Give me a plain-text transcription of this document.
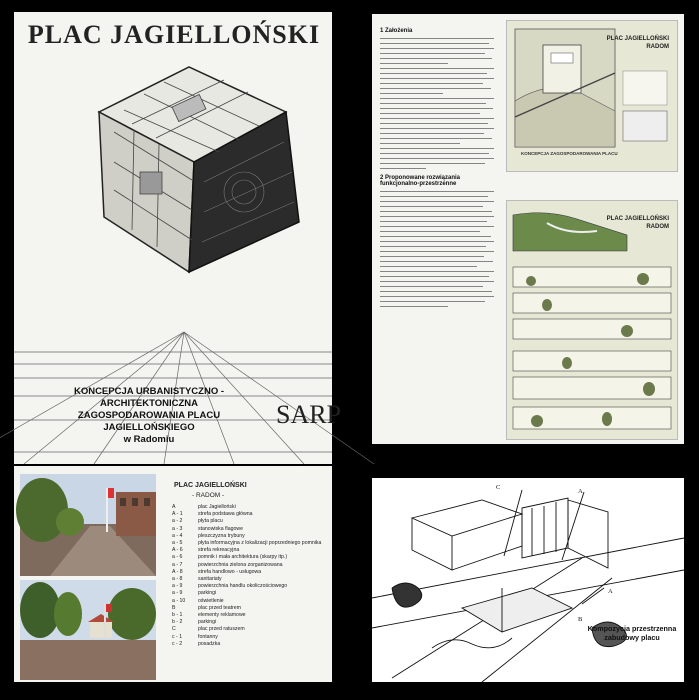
PLAC JAGIELLOŃSKI
KONCEPCJA URBANISTYCZNO - ARCHITEKTONICZNA
ZAGOSPODAROWANIA PLACU JAGIELLOŃSKIEGO
w Radomiu
SARP
PLAC JAGIELLOŃSKI
- RADOM -
A	plac Jagielloński
A - 1	strefa podstawa główna
a - 2	płyta placu
a - 3	stanowiska flagowe
a - 4	pleszczyzna trybuny
a - 5	płyta informacyjna z lokalizacji poprzedniego pomnika
A - 6	strefa rekreacyjna
a - 6	pomnik i mała architektura (skarpy itp.)
a - 7	powierzchnia zielona zorganizowana
A - 8	strefa handlowo - usługowa
a - 8	sanitariaty
a - 9	powierzchnia handlu okoliczościowego
a - 9	parkingi
a - 10	oświetlenie
B	plac przed teatrem
b - 1	elementy reklamowe
b - 2	parkingi
C	plac przed ratuszem
c - 1	fontanny
c - 2	posadzka
1 Założenia
2 Proponowane rozwiązania funkcjonalno-przestrzenne
PLAC JAGIELLOŃSKI
RADOM
KONCEPCJA ZAGOSPODAROWANIA PLACU
PLAC JAGIELLOŃSKI
RADOM
C
A
A
B
Kompozycja przestrzenna
zabudowy placu
